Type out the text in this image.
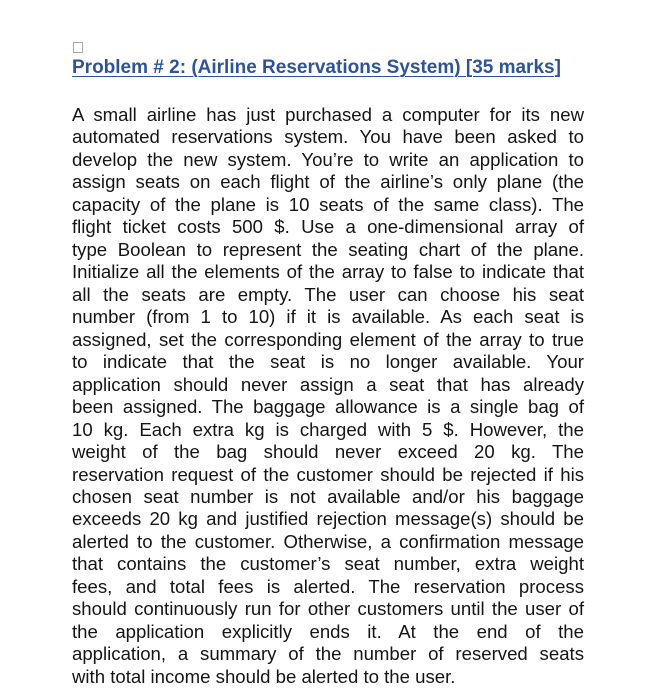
Problem # 2: (Airline Reservations System) [35 marks]
A small airline has just purchased a computer for its new
automated reservations system. You have been asked to
develop the new system. You’re to write an application to
assign seats on each flight of the airline’s only plane (the
capacity of the plane is 10 seats of the same class). The
flight ticket costs 500 $. Use a one-dimensional array of
type Boolean to represent the seating chart of the plane.
Initialize all the elements of the array to false to indicate that
all the seats are empty. The user can choose his seat
number (from 1 to 10) if it is available. As each seat is
assigned, set the corresponding element of the array to true
to indicate that the seat is no longer available. Your
application should never assign a seat that has already
been assigned. The baggage allowance is a single bag of
10 kg. Each extra kg is charged with 5 $. However, the
weight of the bag should never exceed 20 kg. The
reservation request of the customer should be rejected if his
chosen seat number is not available and/or his baggage
exceeds 20 kg and justified rejection message(s) should be
alerted to the customer. Otherwise, a confirmation message
that contains the customer’s seat number, extra weight
fees, and total fees is alerted. The reservation process
should continuously run for other customers until the user of
the application explicitly ends it. At the end of the
application, a summary of the number of reserved seats
with total income should be alerted to the user.
